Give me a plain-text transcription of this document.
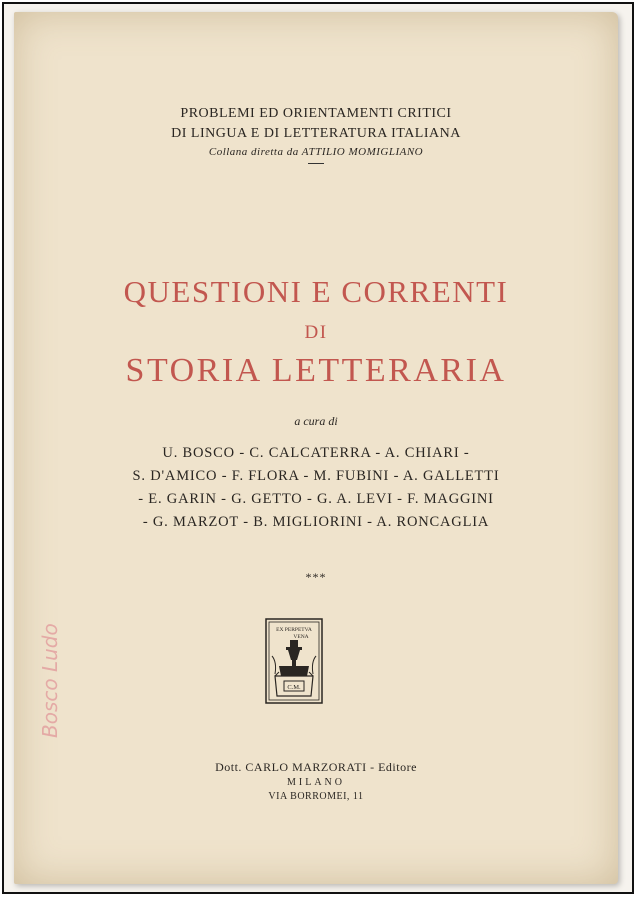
PROBLEMI ED ORIENTAMENTI CRITICI
DI LINGUA E DI LETTERATURA ITALIANA
Collana diretta da ATTILIO MOMIGLIANO
QUESTIONI E CORRENTI
DI
STORIA LETTERARIA
a cura di
U. BOSCO - C. CALCATERRA - A. CHIARI -
S. D'AMICO - F. FLORA - M. FUBINI - A. GALLETTI
- E. GARIN - G. GETTO - G. A. LEVI - F. MAGGINI
- G. MARZOT - B. MIGLIORINI - A. RONCAGLIA
***
Bosco Ludo	EX PERPETVA
VENA
C.M.
Dott. CARLO MARZORATI - Editore
MILANO
VIA BORROMEI, 11
